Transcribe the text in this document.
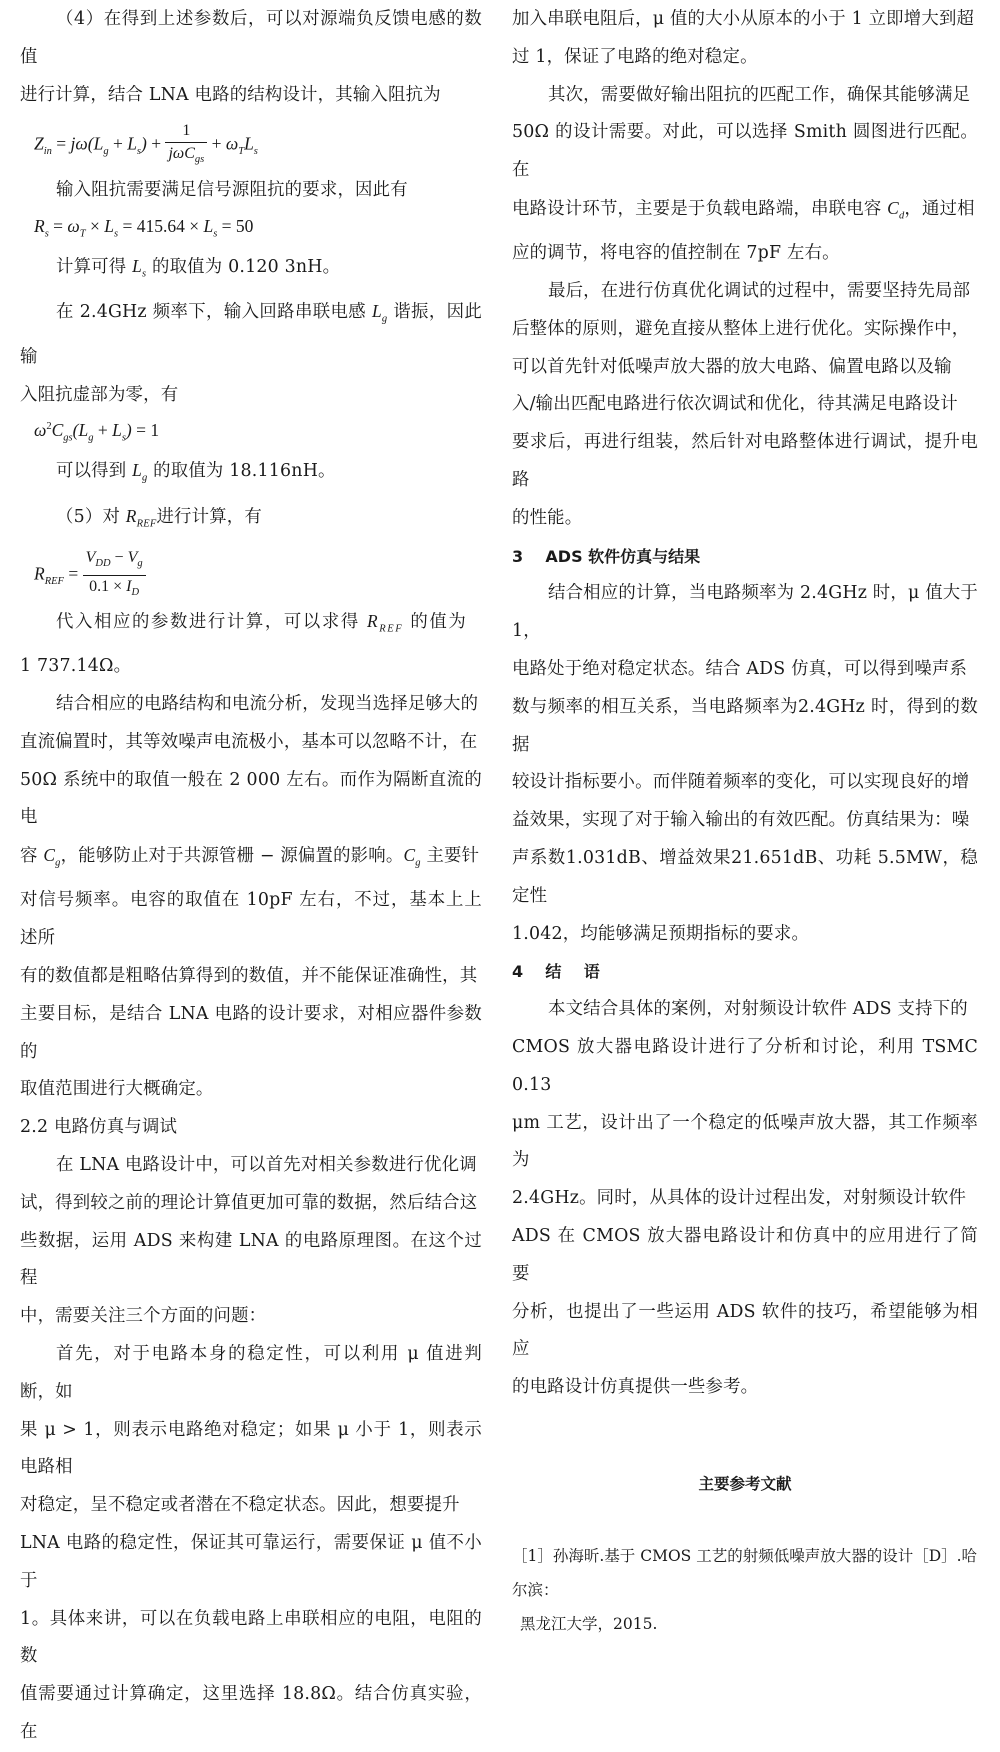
（4）在得到上述参数后，可以对源端负反馈电感的数值

进行计算，结合 LNA 电路的结构设计，其输入阻抗为

$Z_{in} = j\omega(L_g + L_s) + \frac{1}{j\omega C_{gs}} + \omega_TL_s$

输入阻抗需要满足信号源阻抗的要求，因此有

$R_s = \omega_T \times L_s = 415.64 \times L_s = 50$

计算可得 $L_s$ 的取值为 0.120 3nH。

在 2.4GHz 频率下，输入回路串联电感 $L_g$ 谐振，因此输

入阻抗虚部为零，有

$\omega^2C_{gs}(L_g + L_s) = 1$

可以得到 $L_g$ 的取值为 18.116nH。

（5）对 $R_{REF}$进行计算，有

$R_{REF} = \frac{V_{DD} - V_g}{0.1 \times I_D}$

代入相应的参数进行计算，可以求得 $R_{REF}$ 的值为

1 737.14Ω。

结合相应的电路结构和电流分析，发现当选择足够大的

直流偏置时，其等效噪声电流极小，基本可以忽略不计，在

50Ω 系统中的取值一般在 2 000 左右。而作为隔断直流的电

容 $C_g$，能够防止对于共源管栅 − 源偏置的影响。$C_g$ 主要针

对信号频率。电容的取值在 10pF 左右，不过，基本上上述所

有的数值都是粗略估算得到的数值，并不能保证准确性，其

主要目标，是结合 LNA 电路的设计要求，对相应器件参数的

取值范围进行大概确定。

2.2 电路仿真与调试

在 LNA 电路设计中，可以首先对相关参数进行优化调

试，得到较之前的理论计算值更加可靠的数据，然后结合这

些数据，运用 ADS 来构建 LNA 的电路原理图。在这个过程

中，需要关注三个方面的问题：

首先，对于电路本身的稳定性，可以利用 μ 值进判断，如

果 μ > 1，则表示电路绝对稳定；如果 μ 小于 1，则表示电路相

对稳定，呈不稳定或者潜在不稳定状态。因此，想要提升

LNA 电路的稳定性，保证其可靠运行，需要保证 μ 值不小于

1。具体来讲，可以在负载电路上串联相应的电阻，电阻的数

值需要通过计算确定，这里选择 18.8Ω。结合仿真实验，在

加入串联电阻后，μ 值的大小从原本的小于 1 立即增大到超

过 1，保证了电路的绝对稳定。

其次，需要做好输出阻抗的匹配工作，确保其能够满足

50Ω 的设计需要。对此，可以选择 Smith 圆图进行匹配。在

电路设计环节，主要是于负载电路端，串联电容 $C_d$，通过相

应的调节，将电容的值控制在 7pF 左右。

最后，在进行仿真优化调试的过程中，需要坚持先局部

后整体的原则，避免直接从整体上进行优化。实际操作中，

可以首先针对低噪声放大器的放大电路、偏置电路以及输

入/输出匹配电路进行依次调试和优化，待其满足电路设计

要求后，再进行组装，然后针对电路整体进行调试，提升电路

的性能。

3    ADS 软件仿真与结果

结合相应的计算，当电路频率为 2.4GHz 时，μ 值大于 1，

电路处于绝对稳定状态。结合 ADS 仿真，可以得到噪声系

数与频率的相互关系，当电路频率为2.4GHz 时，得到的数据

较设计指标要小。而伴随着频率的变化，可以实现良好的增

益效果，实现了对于输入输出的有效匹配。仿真结果为：噪

声系数1.031dB、增益效果21.651dB、功耗 5.5MW，稳定性

1.042，均能够满足预期指标的要求。

4    结    语

本文结合具体的案例，对射频设计软件 ADS 支持下的

CMOS 放大器电路设计进行了分析和讨论，利用 TSMC 0.13

μm 工艺，设计出了一个稳定的低噪声放大器，其工作频率为

2.4GHz。同时，从具体的设计过程出发，对射频设计软件

ADS 在 CMOS 放大器电路设计和仿真中的应用进行了简要

分析，也提出了一些运用 ADS 软件的技巧，希望能够为相应

的电路设计仿真提供一些参考。

主要参考文献

［1］孙海昕.基于 CMOS 工艺的射频低噪声放大器的设计［D］.哈尔滨：
黑龙江大学，2015.
